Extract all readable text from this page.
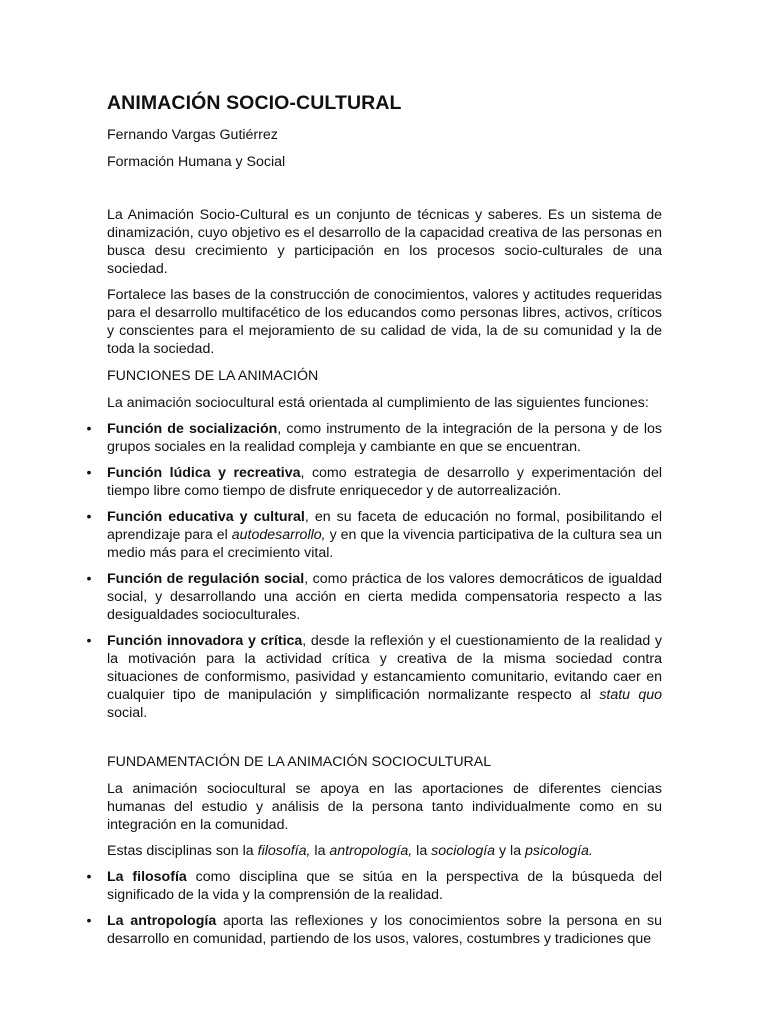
ANIMACIÓN SOCIO-CULTURAL
Fernando Vargas Gutiérrez
Formación Humana y Social

La Animación Socio-Cultural es un conjunto de técnicas y saberes. Es un sistema de dinamización, cuyo objetivo es el desarrollo de la capacidad creativa de las personas en busca desu crecimiento y participación en los procesos socio-culturales de una sociedad.

Fortalece las bases de la construcción de conocimientos, valores y actitudes requeridas para el desarrollo multifacético de los educandos como personas libres, activos, críticos y conscientes para el mejoramiento de su calidad de vida, la de su comunidad y la de toda la sociedad.

FUNCIONES DE LA ANIMACIÓN

La animación sociocultural está orientada al cumplimiento de las siguientes funciones:

• Función de socialización, como instrumento de la integración de la persona y de los grupos sociales en la realidad compleja y cambiante en que se encuentran.
• Función lúdica y recreativa, como estrategia de desarrollo y experimentación del tiempo libre como tiempo de disfrute enriquecedor y de autorrealización.
• Función educativa y cultural, en su faceta de educación no formal, posibilitando el aprendizaje para el autodesarrollo, y en que la vivencia participativa de la cultura sea un medio más para el crecimiento vital.
• Función de regulación social, como práctica de los valores democráticos de igualdad social, y desarrollando una acción en cierta medida compensatoria respecto a las desigualdades socioculturales.
• Función innovadora y crítica, desde la reflexión y el cuestionamiento de la realidad y la motivación para la actividad crítica y creativa de la misma sociedad contra situaciones de conformismo, pasividad y estancamiento comunitario, evitando caer en cualquier tipo de manipulación y simplificación normalizante respecto al statu quo social.
FUNDAMENTACIÓN DE LA ANIMACIÓN SOCIOCULTURAL

La animación sociocultural se apoya en las aportaciones de diferentes ciencias humanas del estudio y análisis de la persona tanto individualmente como en su integración en la comunidad.

Estas disciplinas son la filosofía, la antropología, la sociología y la psicología.

• La filosofía como disciplina que se sitúa en la perspectiva de la búsqueda del significado de la vida y la comprensión de la realidad.
• La antropología aporta las reflexiones y los conocimientos sobre la persona en su desarrollo en comunidad, partiendo de los usos, valores, costumbres y tradiciones que
